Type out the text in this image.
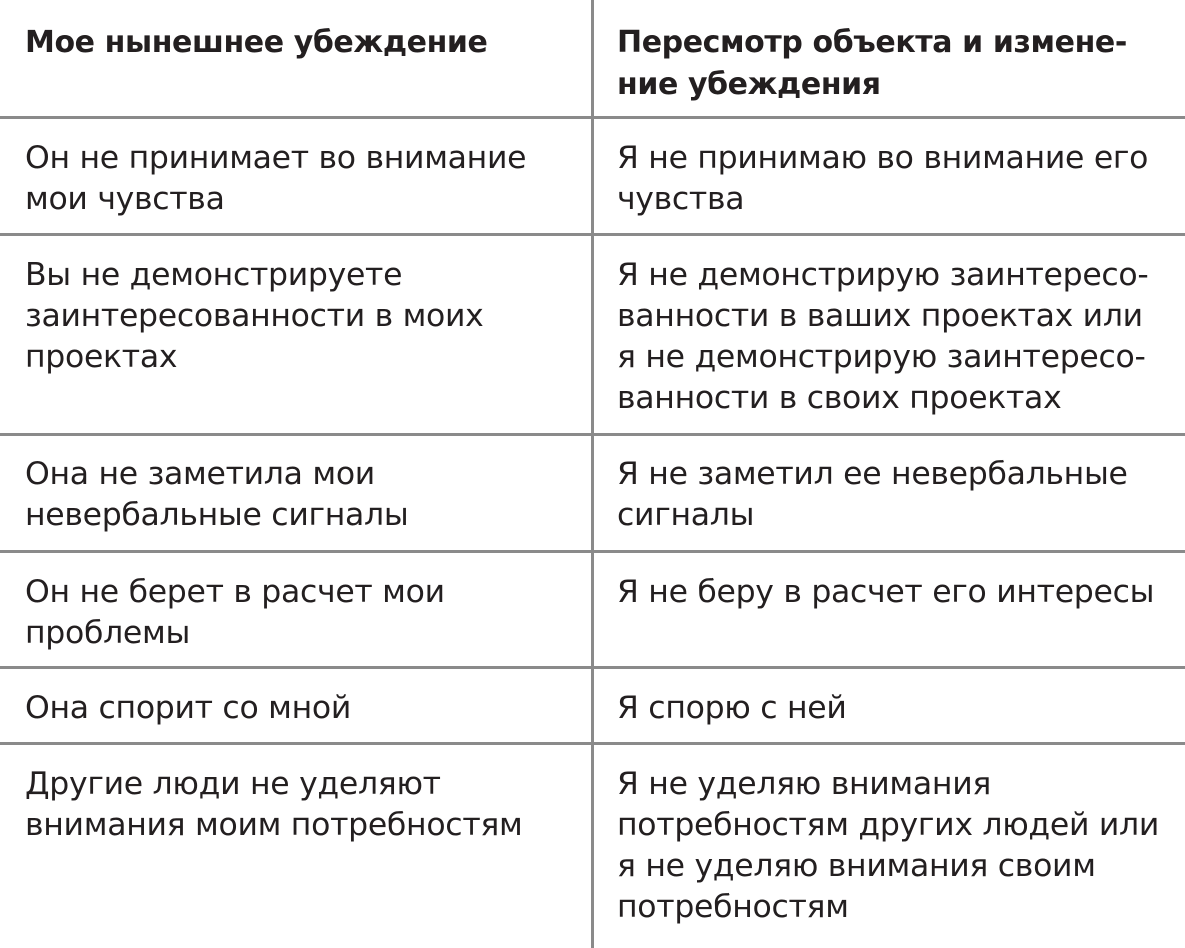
Мое нынешнее убеждение	Пересмотр объекта и измене-
ние убеждения
Он не принимает во внимание
мои чувства
Я не принимаю во внимание его
чувства
Вы не демонстрируете
заинтересованности в моих
проектах
Я не демонстрирую заинтересо-
ванности в ваших проектах или
я не демонстрирую заинтересо-
ванности в своих проектах
Она не заметила мои
невербальные сигналы
Я не заметил ее невербальные
сигналы
Он не берет в расчет мои
проблемы
Я не беру в расчет его интересы
Она спорит со мной	Я спорю с ней
Другие люди не уделяют
внимания моим потребностям
Я не уделяю внимания
потребностям других людей или
я не уделяю внимания своим
потребностям
